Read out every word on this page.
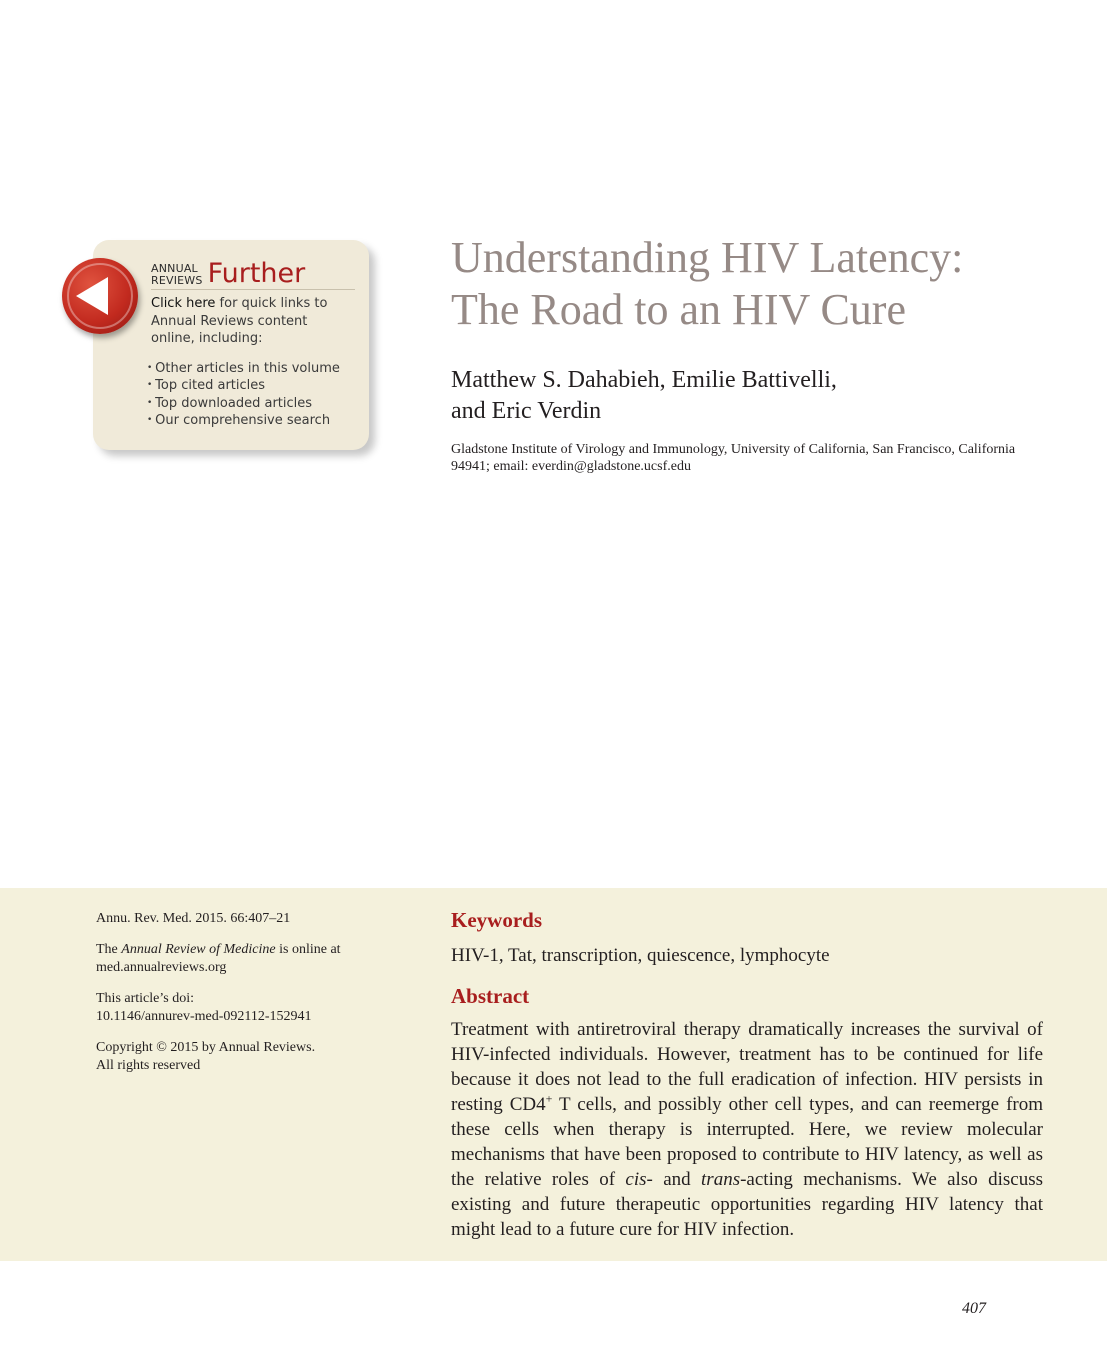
ANNUAL
REVIEWS Further
Click here for quick links to Annual Reviews content online, including:
• Other articles in this volume
• Top cited articles
• Top downloaded articles
• Our comprehensive search
Understanding HIV Latency:
The Road to an HIV Cure

Matthew S. Dahabieh, Emilie Battivelli,
and Eric Verdin

Gladstone Institute of Virology and Immunology, University of California, San Francisco, California 94941; email: everdin@gladstone.ucsf.edu

Annu. Rev. Med. 2015. 66:407–21

The Annual Review of Medicine is online at med.annualreviews.org

This article’s doi:
10.1146/annurev-med-092112-152941

Copyright © 2015 by Annual Reviews.
All rights reserved

Keywords

HIV-1, Tat, transcription, quiescence, lymphocyte

Abstract

Treatment with antiretroviral therapy dramatically increases the survival of HIV-infected individuals. However, treatment has to be continued for life because it does not lead to the full eradication of infection. HIV persists in resting CD4+ T cells, and possibly other cell types, and can reemerge from these cells when therapy is interrupted. Here, we review molecular mechanisms that have been proposed to contribute to HIV latency, as well as the relative roles of cis- and trans-acting mechanisms. We also discuss existing and future therapeutic opportunities regarding HIV latency that might lead to a future cure for HIV infection.

407
